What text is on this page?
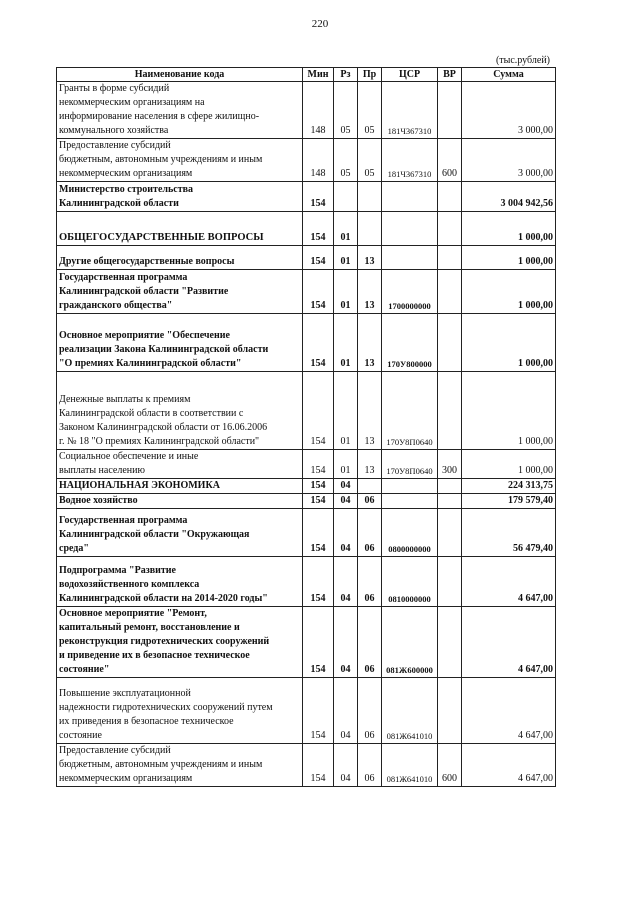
220
(тыс.рублей)
Наименование кода	Мин	Рз	Пр	ЦСР	ВР	Сумма
Гранты в форме субсидий
некоммерческим организациям на
информирование населения в сфере жилищно-
коммунального хозяйства	148	05	05	181Ч367310		3 000,00
Предоставление субсидий
бюджетным, автономным учреждениям и иным
некоммерческим организациям	148	05	05	181Ч367310	600	3 000,00
Министерство строительства
Калининградской области	154					3 004 942,56
ОБЩЕГОСУДАРСТВЕННЫЕ ВОПРОСЫ	154	01				1 000,00
Другие общегосударственные вопросы	154	01	13			1 000,00
Государственная программа
Калининградской области "Развитие
гражданского общества"	154	01	13	1700000000		1 000,00
Основное мероприятие "Обеспечение
реализации Закона Калининградской области
"О премиях Калининградской области"	154	01	13	170У800000		1 000,00
Денежные выплаты к премиям
Калининградской области в соответствии с
Законом Калининградской области от 16.06.2006
г. № 18 "О премиях Калининградской области"	154	01	13	170У8П0640		1 000,00
Социальное обеспечение и иные
выплаты населению	154	01	13	170У8П0640	300	1 000,00
НАЦИОНАЛЬНАЯ ЭКОНОМИКА	154	04				224 313,75
Водное хозяйство	154	04	06			179 579,40
Государственная программа
Калининградской области "Окружающая
среда"	154	04	06	0800000000		56 479,40
Подпрограмма "Развитие
водохозяйственного комплекса
Калининградской области на 2014-2020 годы"	154	04	06	0810000000		4 647,00
Основное мероприятие "Ремонт,
капитальный ремонт, восстановление и
реконструкция гидротехнических сооружений
и приведение их в безопасное техническое
состояние"	154	04	06	081Ж600000		4 647,00
Повышение эксплуатационной
надежности гидротехнических сооружений путем
их приведения в безопасное техническое
состояние	154	04	06	081Ж641010		4 647,00
Предоставление субсидий
бюджетным, автономным учреждениям и иным
некоммерческим организациям	154	04	06	081Ж641010	600	4 647,00
